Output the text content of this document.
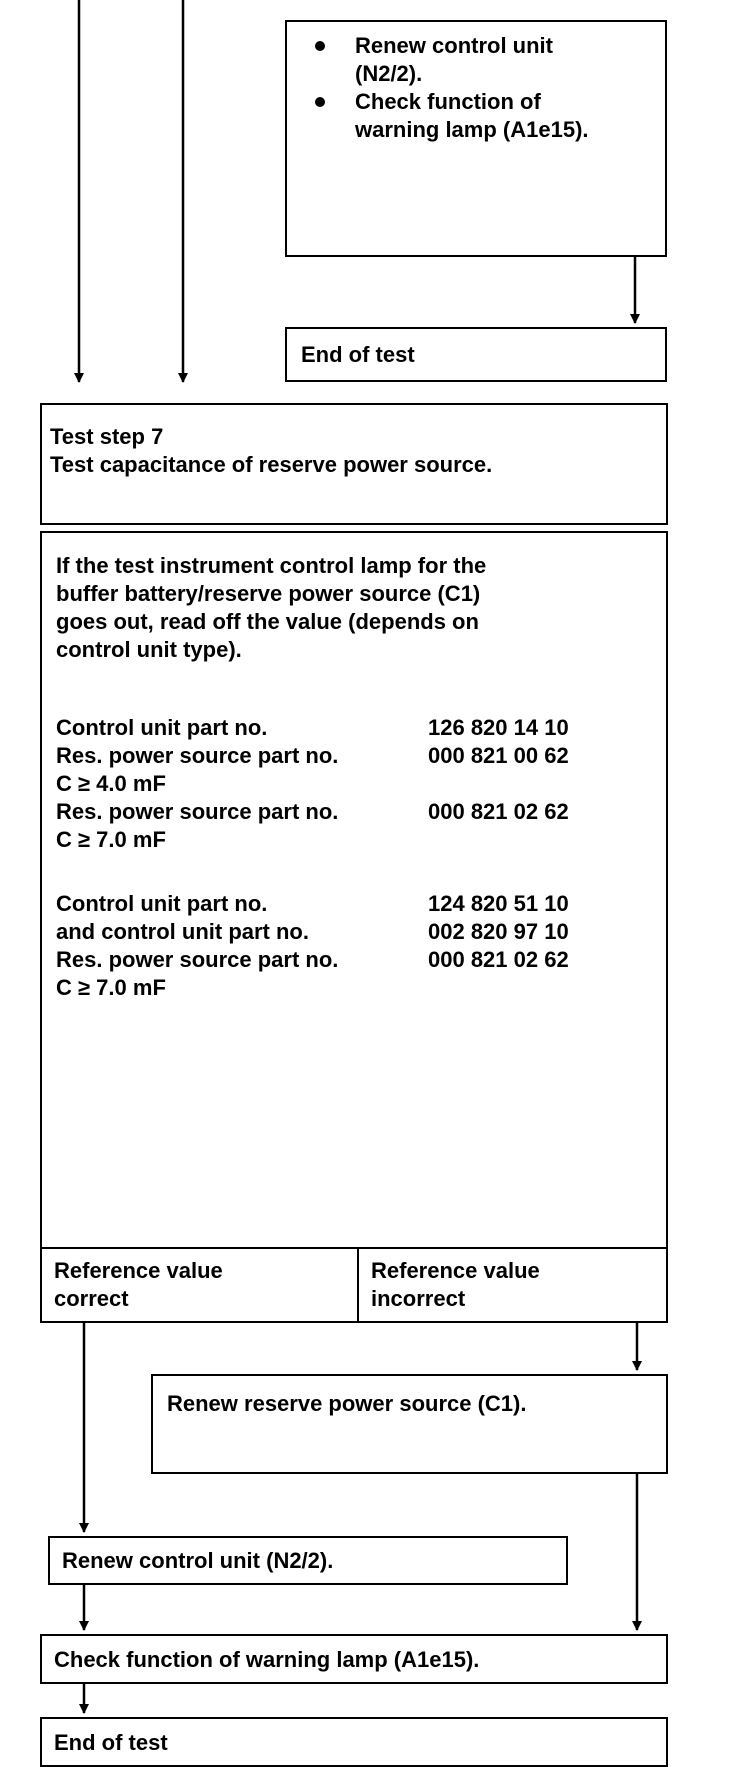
Renew control unit
(N2/2).
Check function of
warning lamp (A1e15).
End of test
Test step 7
Test capacitance of reserve power source.
If the test instrument control lamp for the
buffer battery/reserve power source (C1)
goes out, read off the value (depends on
control unit type).
Control unit part no.	126 820 14 10
Res. power source part no.	000 821 00 62
C ≥ 4.0 mF
Res. power source part no.	000 821 02 62
C ≥ 7.0 mF
Control unit part no.	124 820 51 10
and control unit part no.	002 820 97 10
Res. power source part no.	000 821 02 62
C ≥ 7.0 mF
Reference value
correct
Reference value
incorrect
Renew reserve power source (C1).
Renew control unit (N2/2).
Check function of warning lamp (A1e15).
End of test
